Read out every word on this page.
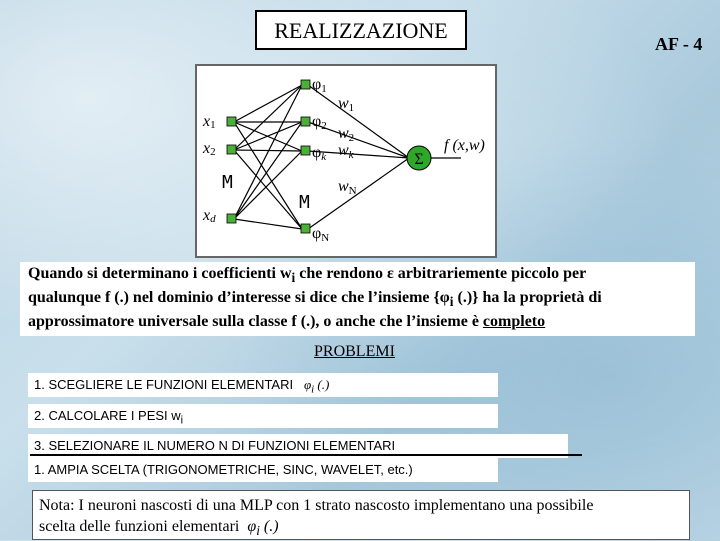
REALIZZAZIONE
AF - 4
Σ
x1
x2
xd
M
M
φ1
φ2
φk
φN
w1
w2
wk
wN
f (x,w)
Quando si determinano i coefficienti $w_i$ che rendono ε arbitrariemente piccolo per
qualunque f (.) nel dominio d’interesse si dice che l’insieme {$\varphi_i$ (.)} ha la proprietà di
approssimatore universale sulla classe f (.), o anche che l’insieme è completo
PROBLEMI
1. SCEGLIERE LE FUNZIONI ELEMENTARI $\varphi_i$ (.)
2. CALCOLARE I PESI $w_i$
3. SELEZIONARE IL NUMERO N DI FUNZIONI ELEMENTARI
1. AMPIA SCELTA (TRIGONOMETRICHE, SINC, WAVELET, etc.)
Nota: I neuroni nascosti di una MLP con 1 strato nascosto implementano una possibile
scelta delle funzioni elementari $\varphi_i$ (.)
